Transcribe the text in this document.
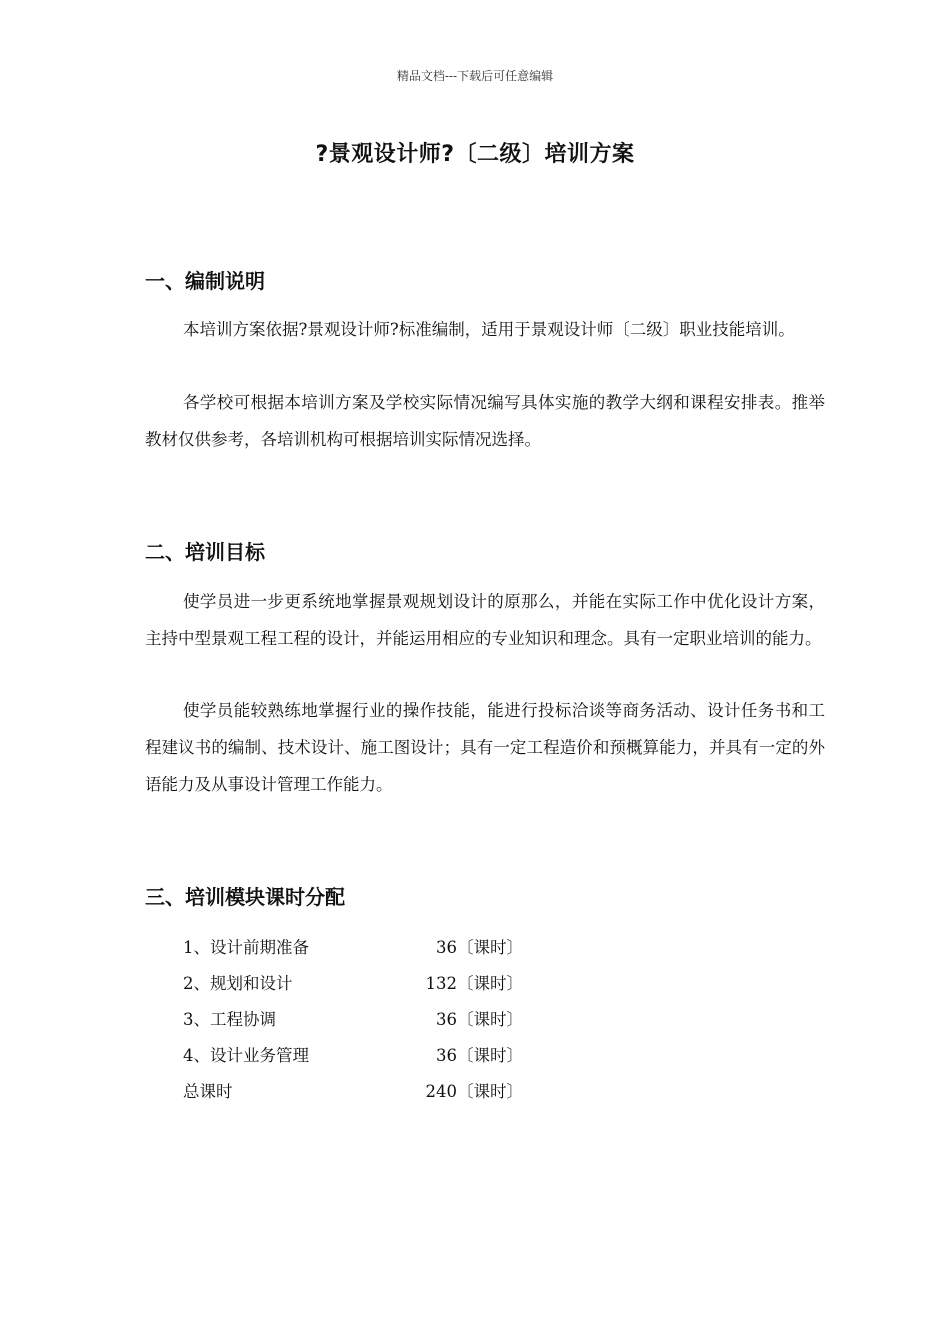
精品文档---下载后可任意编辑
?景观设计师?〔二级〕培训方案
一、编制说明

本培训方案依据?景观设计师?标准编制，适用于景观设计师〔二级〕职业技能培训。

各学校可根据本培训方案及学校实际情况编写具体实施的教学大纲和课程安排表。推举教材仅供参考，各培训机构可根据培训实际情况选择。

二、培训目标

使学员进一步更系统地掌握景观规划设计的原那么，并能在实际工作中优化设计方案，主持中型景观工程工程的设计，并能运用相应的专业知识和理念。具有一定职业培训的能力。

使学员能较熟练地掌握行业的操作技能，能进行投标洽谈等商务活动、设计任务书和工程建议书的编制、技术设计、施工图设计；具有一定工程造价和预概算能力，并具有一定的外语能力及从事设计管理工作能力。

三、培训模块课时分配
1、设计前期准备	36〔课时〕
2、规划和设计	132〔课时〕
3、工程协调	36〔课时〕
4、设计业务管理	36〔课时〕
总课时	240〔课时〕
